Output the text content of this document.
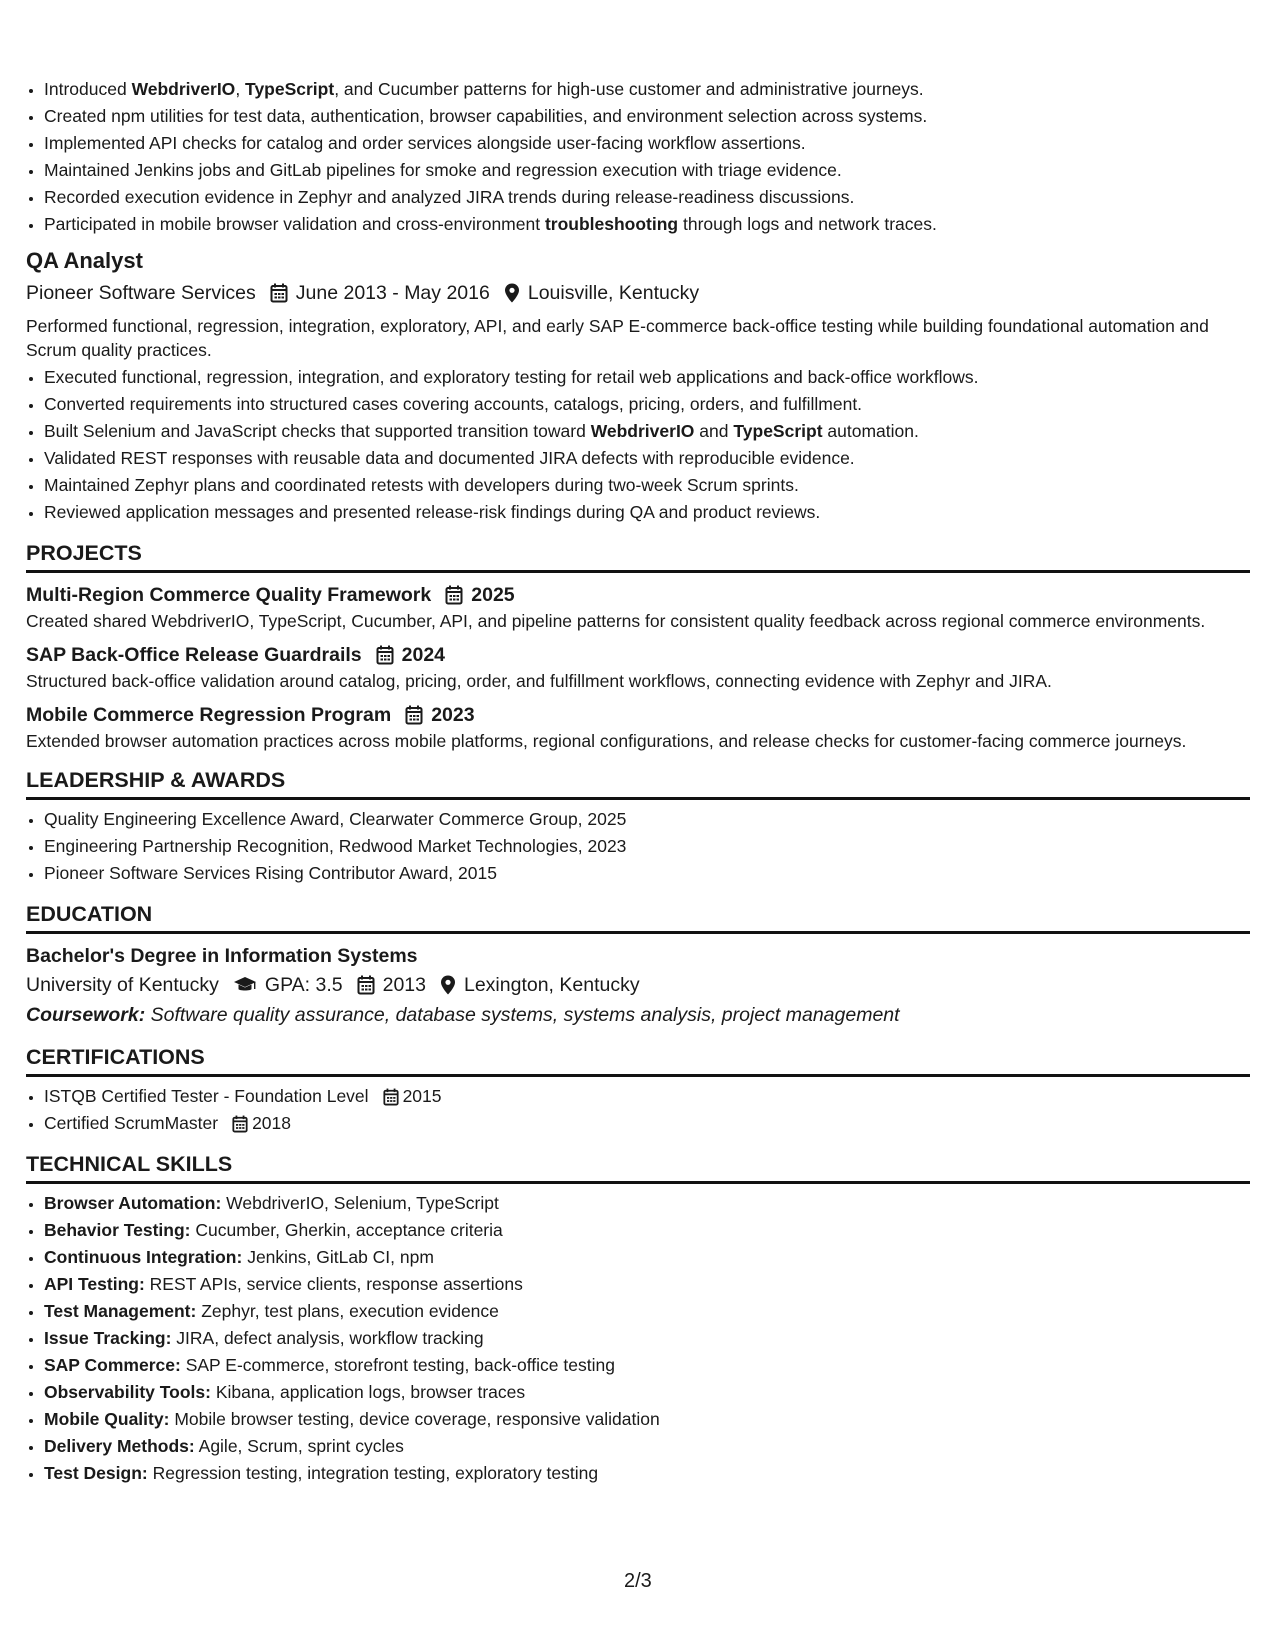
• Introduced WebdriverIO, TypeScript, and Cucumber patterns for high-use customer and administrative journeys.
• Created npm utilities for test data, authentication, browser capabilities, and environment selection across systems.
• Implemented API checks for catalog and order services alongside user-facing workflow assertions.
• Maintained Jenkins jobs and GitLab pipelines for smoke and regression execution with triage evidence.
• Recorded execution evidence in Zephyr and analyzed JIRA trends during release-readiness discussions.
• Participated in mobile browser validation and cross-environment troubleshooting through logs and network traces.
QA Analyst
Pioneer Software Services June 2013 - May 2016 Louisville, Kentucky
Performed functional, regression, integration, exploratory, API, and early SAP E-commerce back-office testing while building foundational automation and Scrum quality practices.
• Executed functional, regression, integration, and exploratory testing for retail web applications and back-office workflows.
• Converted requirements into structured cases covering accounts, catalogs, pricing, orders, and fulfillment.
• Built Selenium and JavaScript checks that supported transition toward WebdriverIO and TypeScript automation.
• Validated REST responses with reusable data and documented JIRA defects with reproducible evidence.
• Maintained Zephyr plans and coordinated retests with developers during two-week Scrum sprints.
• Reviewed application messages and presented release-risk findings during QA and product reviews.
PROJECTS
Multi-Region Commerce Quality Framework 2025
Created shared WebdriverIO, TypeScript, Cucumber, API, and pipeline patterns for consistent quality feedback across regional commerce environments.
SAP Back-Office Release Guardrails 2024
Structured back-office validation around catalog, pricing, order, and fulfillment workflows, connecting evidence with Zephyr and JIRA.
Mobile Commerce Regression Program 2023
Extended browser automation practices across mobile platforms, regional configurations, and release checks for customer-facing commerce journeys.
LEADERSHIP & AWARDS
• Quality Engineering Excellence Award, Clearwater Commerce Group, 2025
• Engineering Partnership Recognition, Redwood Market Technologies, 2023
• Pioneer Software Services Rising Contributor Award, 2015
EDUCATION
Bachelor's Degree in Information Systems
University of Kentucky GPA: 3.5 2013 Lexington, Kentucky
Coursework: Software quality assurance, database systems, systems analysis, project management
CERTIFICATIONS
• ISTQB Certified Tester - Foundation Level 2015
• Certified ScrumMaster 2018
TECHNICAL SKILLS
• Browser Automation: WebdriverIO, Selenium, TypeScript
• Behavior Testing: Cucumber, Gherkin, acceptance criteria
• Continuous Integration: Jenkins, GitLab CI, npm
• API Testing: REST APIs, service clients, response assertions
• Test Management: Zephyr, test plans, execution evidence
• Issue Tracking: JIRA, defect analysis, workflow tracking
• SAP Commerce: SAP E-commerce, storefront testing, back-office testing
• Observability Tools: Kibana, application logs, browser traces
• Mobile Quality: Mobile browser testing, device coverage, responsive validation
• Delivery Methods: Agile, Scrum, sprint cycles
• Test Design: Regression testing, integration testing, exploratory testing
2/3
